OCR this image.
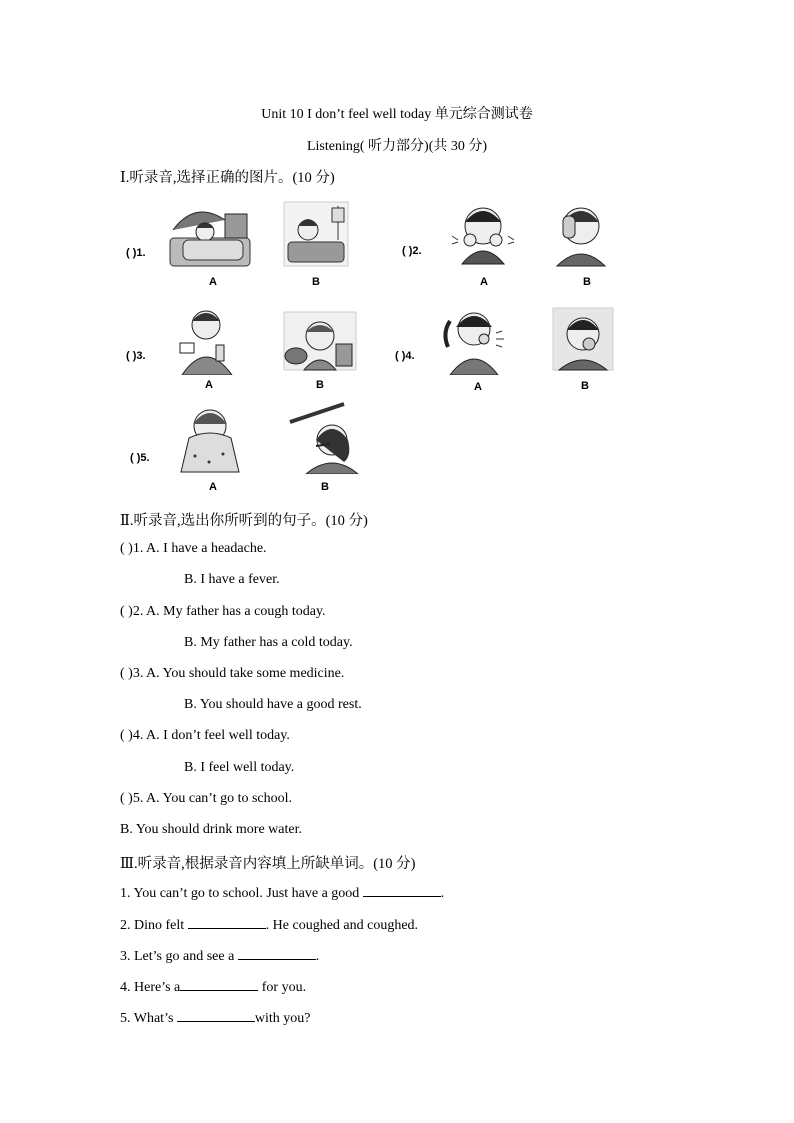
Unit 10 I don’t feel well today 单元综合测试卷
Listening( 听力部分)(共 30 分)
Ⅰ.听录音,选择正确的图片。(10 分)
( )1.
A	B
( )2.
A	B
( )3.
A	B
( )4.
A	B
( )5.
A	B
Ⅱ.听录音,选出你所听到的句子。(10 分)
( )1. A. I have a headache.
B. I have a fever.
( )2. A. My father has a cough today.
B. My father has a cold today.
( )3. A. You should take some medicine.
B. You should have a good rest.
( )4. A. I don’t feel well today.
B. I feel well today.
( )5. A. You can’t go to school.
B. You should drink more water.
Ⅲ.听录音,根据录音内容填上所缺单词。(10 分)
1. You can’t go to school. Just have a good	.
2. Dino felt	. He coughed and coughed.
3. Let’s go and see a	.
4. Here’s a	for you.
5. What’s	with you?
